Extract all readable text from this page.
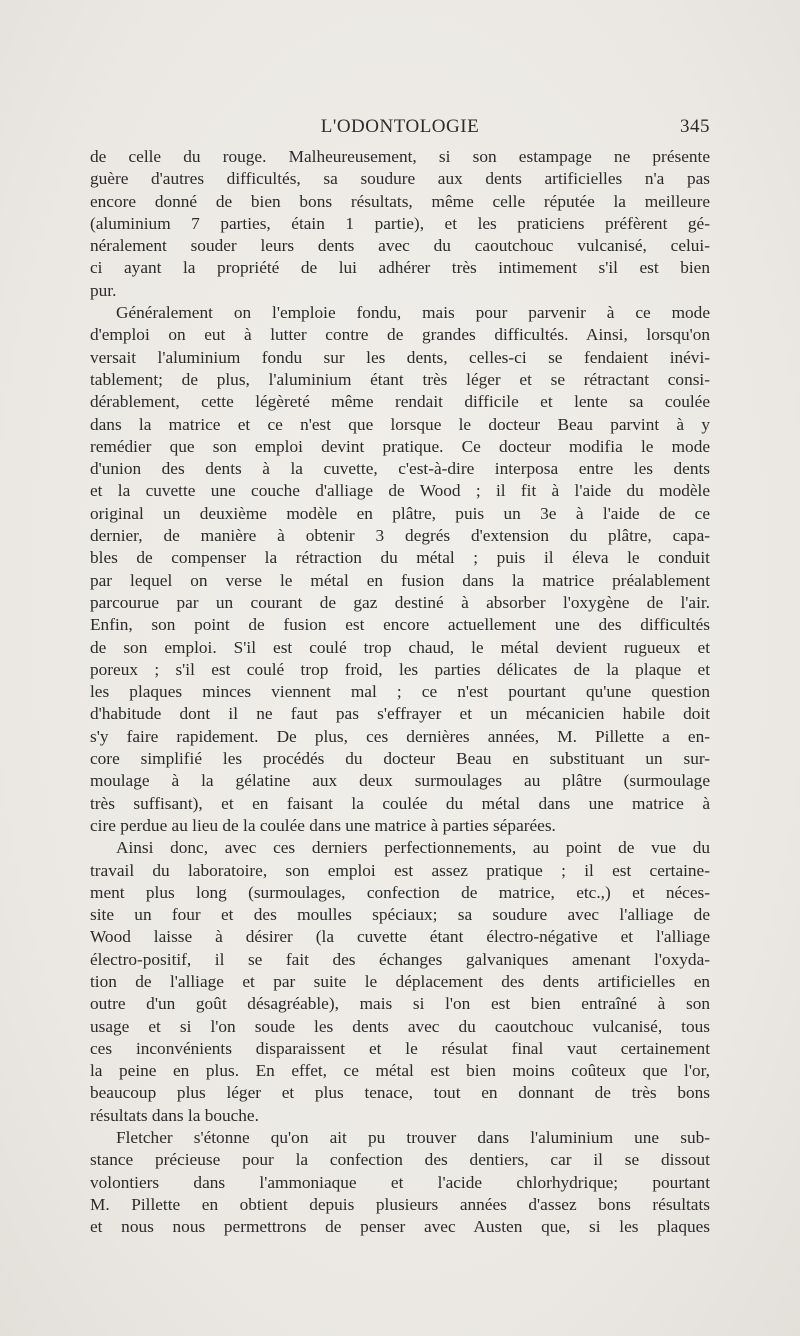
L'ODONTOLOGIE	345
de celle du rouge. Malheureusement, si son estampage ne présente
guère d'autres difficultés, sa soudure aux dents artificielles n'a pas
encore donné de bien bons résultats, même celle réputée la meilleure
(aluminium 7 parties, étain 1 partie), et les praticiens préfèrent gé-
néralement souder leurs dents avec du caoutchouc vulcanisé, celui-
ci ayant la propriété de lui adhérer très intimement s'il est bien
pur.
Généralement on l'emploie fondu, mais pour parvenir à ce mode
d'emploi on eut à lutter contre de grandes difficultés. Ainsi, lorsqu'on
versait l'aluminium fondu sur les dents, celles-ci se fendaient inévi-
tablement; de plus, l'aluminium étant très léger et se rétractant consi-
dérablement, cette légèreté même rendait difficile et lente sa coulée
dans la matrice et ce n'est que lorsque le docteur Beau parvint à y
remédier que son emploi devint pratique. Ce docteur modifia le mode
d'union des dents à la cuvette, c'est-à-dire interposa entre les dents
et la cuvette une couche d'alliage de Wood ; il fit à l'aide du modèle
original un deuxième modèle en plâtre, puis un 3e à l'aide de ce
dernier, de manière à obtenir 3 degrés d'extension du plâtre, capa-
bles de compenser la rétraction du métal ; puis il éleva le conduit
par lequel on verse le métal en fusion dans la matrice préalablement
parcourue par un courant de gaz destiné à absorber l'oxygène de l'air.
Enfin, son point de fusion est encore actuellement une des difficultés
de son emploi. S'il est coulé trop chaud, le métal devient rugueux et
poreux ; s'il est coulé trop froid, les parties délicates de la plaque et
les plaques minces viennent mal ; ce n'est pourtant qu'une question
d'habitude dont il ne faut pas s'effrayer et un mécanicien habile doit
s'y faire rapidement. De plus, ces dernières années, M. Pillette a en-
core simplifié les procédés du docteur Beau en substituant un sur-
moulage à la gélatine aux deux surmoulages au plâtre (surmoulage
très suffisant), et en faisant la coulée du métal dans une matrice à
cire perdue au lieu de la coulée dans une matrice à parties séparées.
Ainsi donc, avec ces derniers perfectionnements, au point de vue du
travail du laboratoire, son emploi est assez pratique ; il est certaine-
ment plus long (surmoulages, confection de matrice, etc.,) et néces-
site un four et des moulles spéciaux; sa soudure avec l'alliage de
Wood laisse à désirer (la cuvette étant électro-négative et l'alliage
électro-positif, il se fait des échanges galvaniques amenant l'oxyda-
tion de l'alliage et par suite le déplacement des dents artificielles en
outre d'un goût désagréable), mais si l'on est bien entraîné à son
usage et si l'on soude les dents avec du caoutchouc vulcanisé, tous
ces inconvénients disparaissent et le résulat final vaut certainement
la peine en plus. En effet, ce métal est bien moins coûteux que l'or,
beaucoup plus léger et plus tenace, tout en donnant de très bons
résultats dans la bouche.
Fletcher s'étonne qu'on ait pu trouver dans l'aluminium une sub-
stance précieuse pour la confection des dentiers, car il se dissout
volontiers dans l'ammoniaque et l'acide chlorhydrique; pourtant
M. Pillette en obtient depuis plusieurs années d'assez bons résultats
et nous nous permettrons de penser avec Austen que, si les plaques
